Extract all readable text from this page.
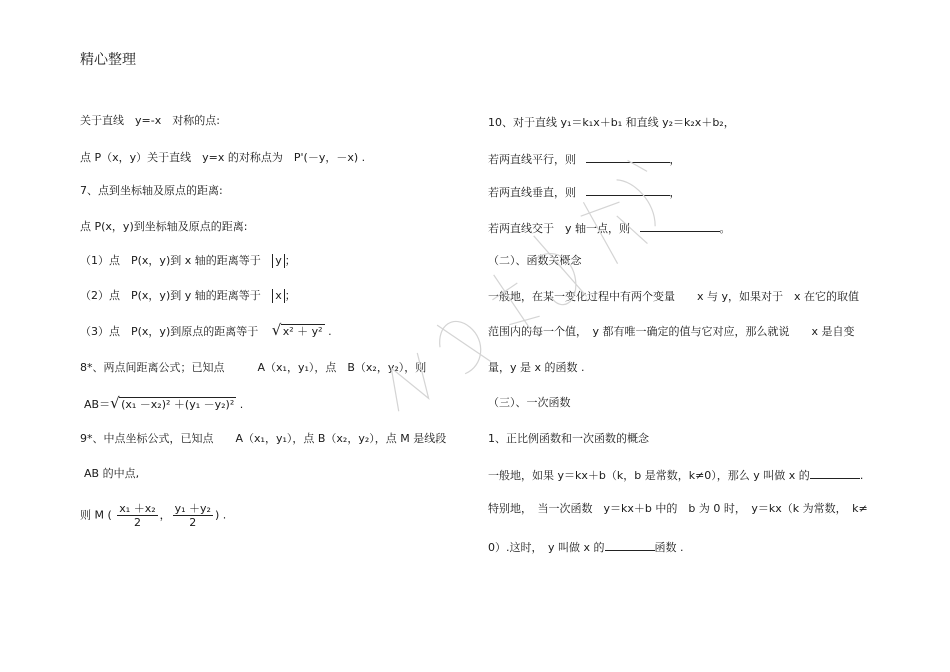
精心整理
关于直线　y=-x　对称的点:
点 P（x，y）关于直线　y=x 的对称点为　P'(－y，－x) .
7、点到坐标轴及原点的距离:
点 P(x，y)到坐标轴及原点的距离:
（1）点　P(x，y)到 x 轴的距离等于 y ；
（2）点　P(x，y)到 y 轴的距离等于 x ；
（3）点　P(x，y)到原点的距离等于 √ x² ＋ y² .
8*、两点间距离公式；已知点　　　A（x₁，y₁），点　B（x₂，y₂），则
AB＝ √ (x₁ －x₂)² ＋(y₁ －y₂)² .
9*、中点坐标公式，已知点　　A（x₁，y₁），点 B（x₂，y₂），点 M 是线段
AB 的中点,
则 M ( $\frac{\text{x₁ ＋x₂}}{2}$ ， $\frac{\text{y₁ ＋y₂}}{2}$ ) .
10、对于直线 y₁＝k₁x＋b₁ 和直线 y₂＝k₂x＋b₂，
若两直线平行，则	，
若两直线垂直，则	，
若两直线交于　y 轴一点，则	。
（二）、函数关概念
一般地，在某一变化过程中有两个变量　　x 与 y，如果对于　x 在它的取值
范围内的每一个值，　y 都有唯一确定的值与它对应，那么就说　　x 是自变
量，y 是 x 的函数 .
（三）、一次函数
1、正比例函数和一次函数的概念
一般地，如果 y＝kx＋b（k，b 是常数，k≠0），那么 y 叫做 x 的	.
特别地，　当一次函数　y＝kx＋b 中的　b 为 0 时，　y＝kx（k 为常数，　k≠
0）.这时，　y 叫做 x 的	函数 .
